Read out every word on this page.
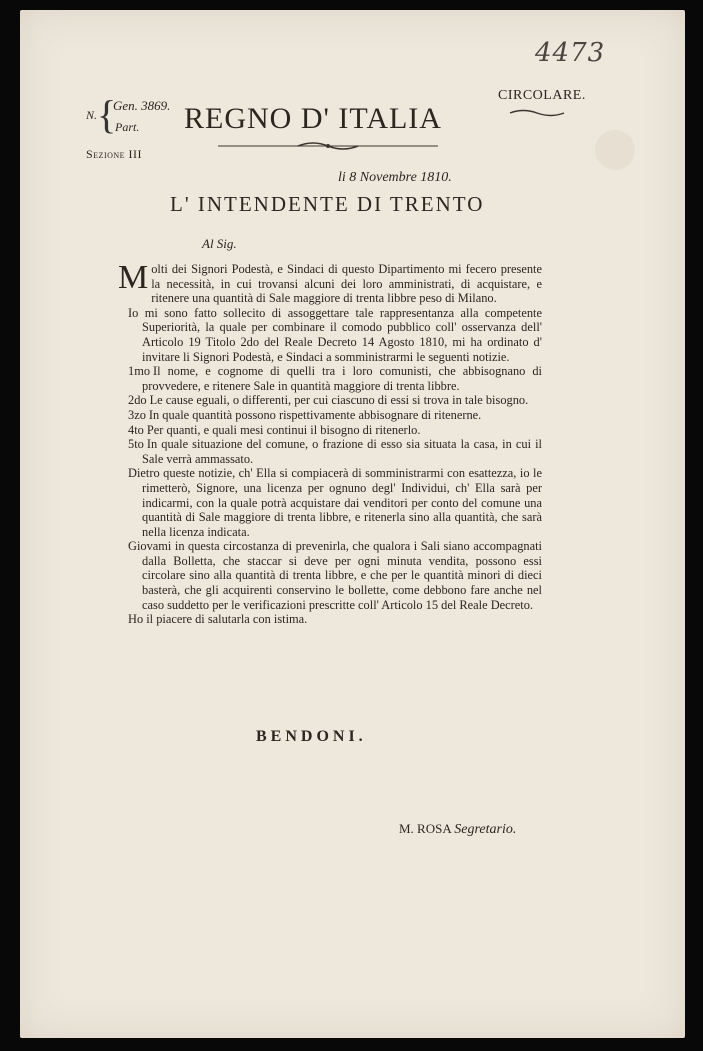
4473
CIRCOLARE.
N. {
Gen. 3869.
Part.
Sezione III
REGNO D' ITALIA
li 8 Novembre 1810.
L' INTENDENTE DI TRENTO
Al Sig.

Molti dei Signori Podestà, e Sindaci di questo Dipartimento mi fecero presente la necessità, in cui trovansi alcuni dei loro amministrati, di acquistare, e ritenere una quantità di Sale maggiore di trenta libbre peso di Milano.

Io mi sono fatto sollecito di assoggettare tale rappresentanza alla competente Superiorità, la quale per combinare il comodo pubblico coll' osservanza dell' Articolo 19 Titolo 2do del Reale Decreto 14 Agosto 1810, mi ha ordinato d' invitare li Signori Podestà, e Sindaci a somministrarmi le seguenti notizie.

1mo Il nome, e cognome di quelli tra i loro comunisti, che abbisognano di provvedere, e ritenere Sale in quantità maggiore di trenta libbre.

2do Le cause eguali, o differenti, per cui ciascuno di essi si trova in tale bisogno.

3zo In quale quantità possono rispettivamente abbisognare di ritenerne.

4to Per quanti, e quali mesi continui il bisogno di ritenerlo.

5to In quale situazione del comune, o frazione di esso sia situata la casa, in cui il Sale verrà ammassato.

Dietro queste notizie, ch' Ella si compiacerà di somministrarmi con esattezza, io le rimetterò, Signore, una licenza per ognuno degl' Individui, ch' Ella sarà per indicarmi, con la quale potrà acquistare dai venditori per conto del comune una quantità di Sale maggiore di trenta libbre, e ritenerla sino alla quantità, che sarà nella licenza indicata.

Giovami in questa circostanza di prevenirla, che qualora i Sali siano accompagnati dalla Bolletta, che staccar si deve per ogni minuta vendita, possono essi circolare sino alla quantità di trenta libbre, e che per le quantità minori di dieci basterà, che gli acquirenti conservino le bollette, come debbono fare anche nel caso suddetto per le verificazioni prescritte coll' Articolo 15 del Reale Decreto.

Ho il piacere di salutarla con istima.

BENDONI.
M. ROSA Segretario.
